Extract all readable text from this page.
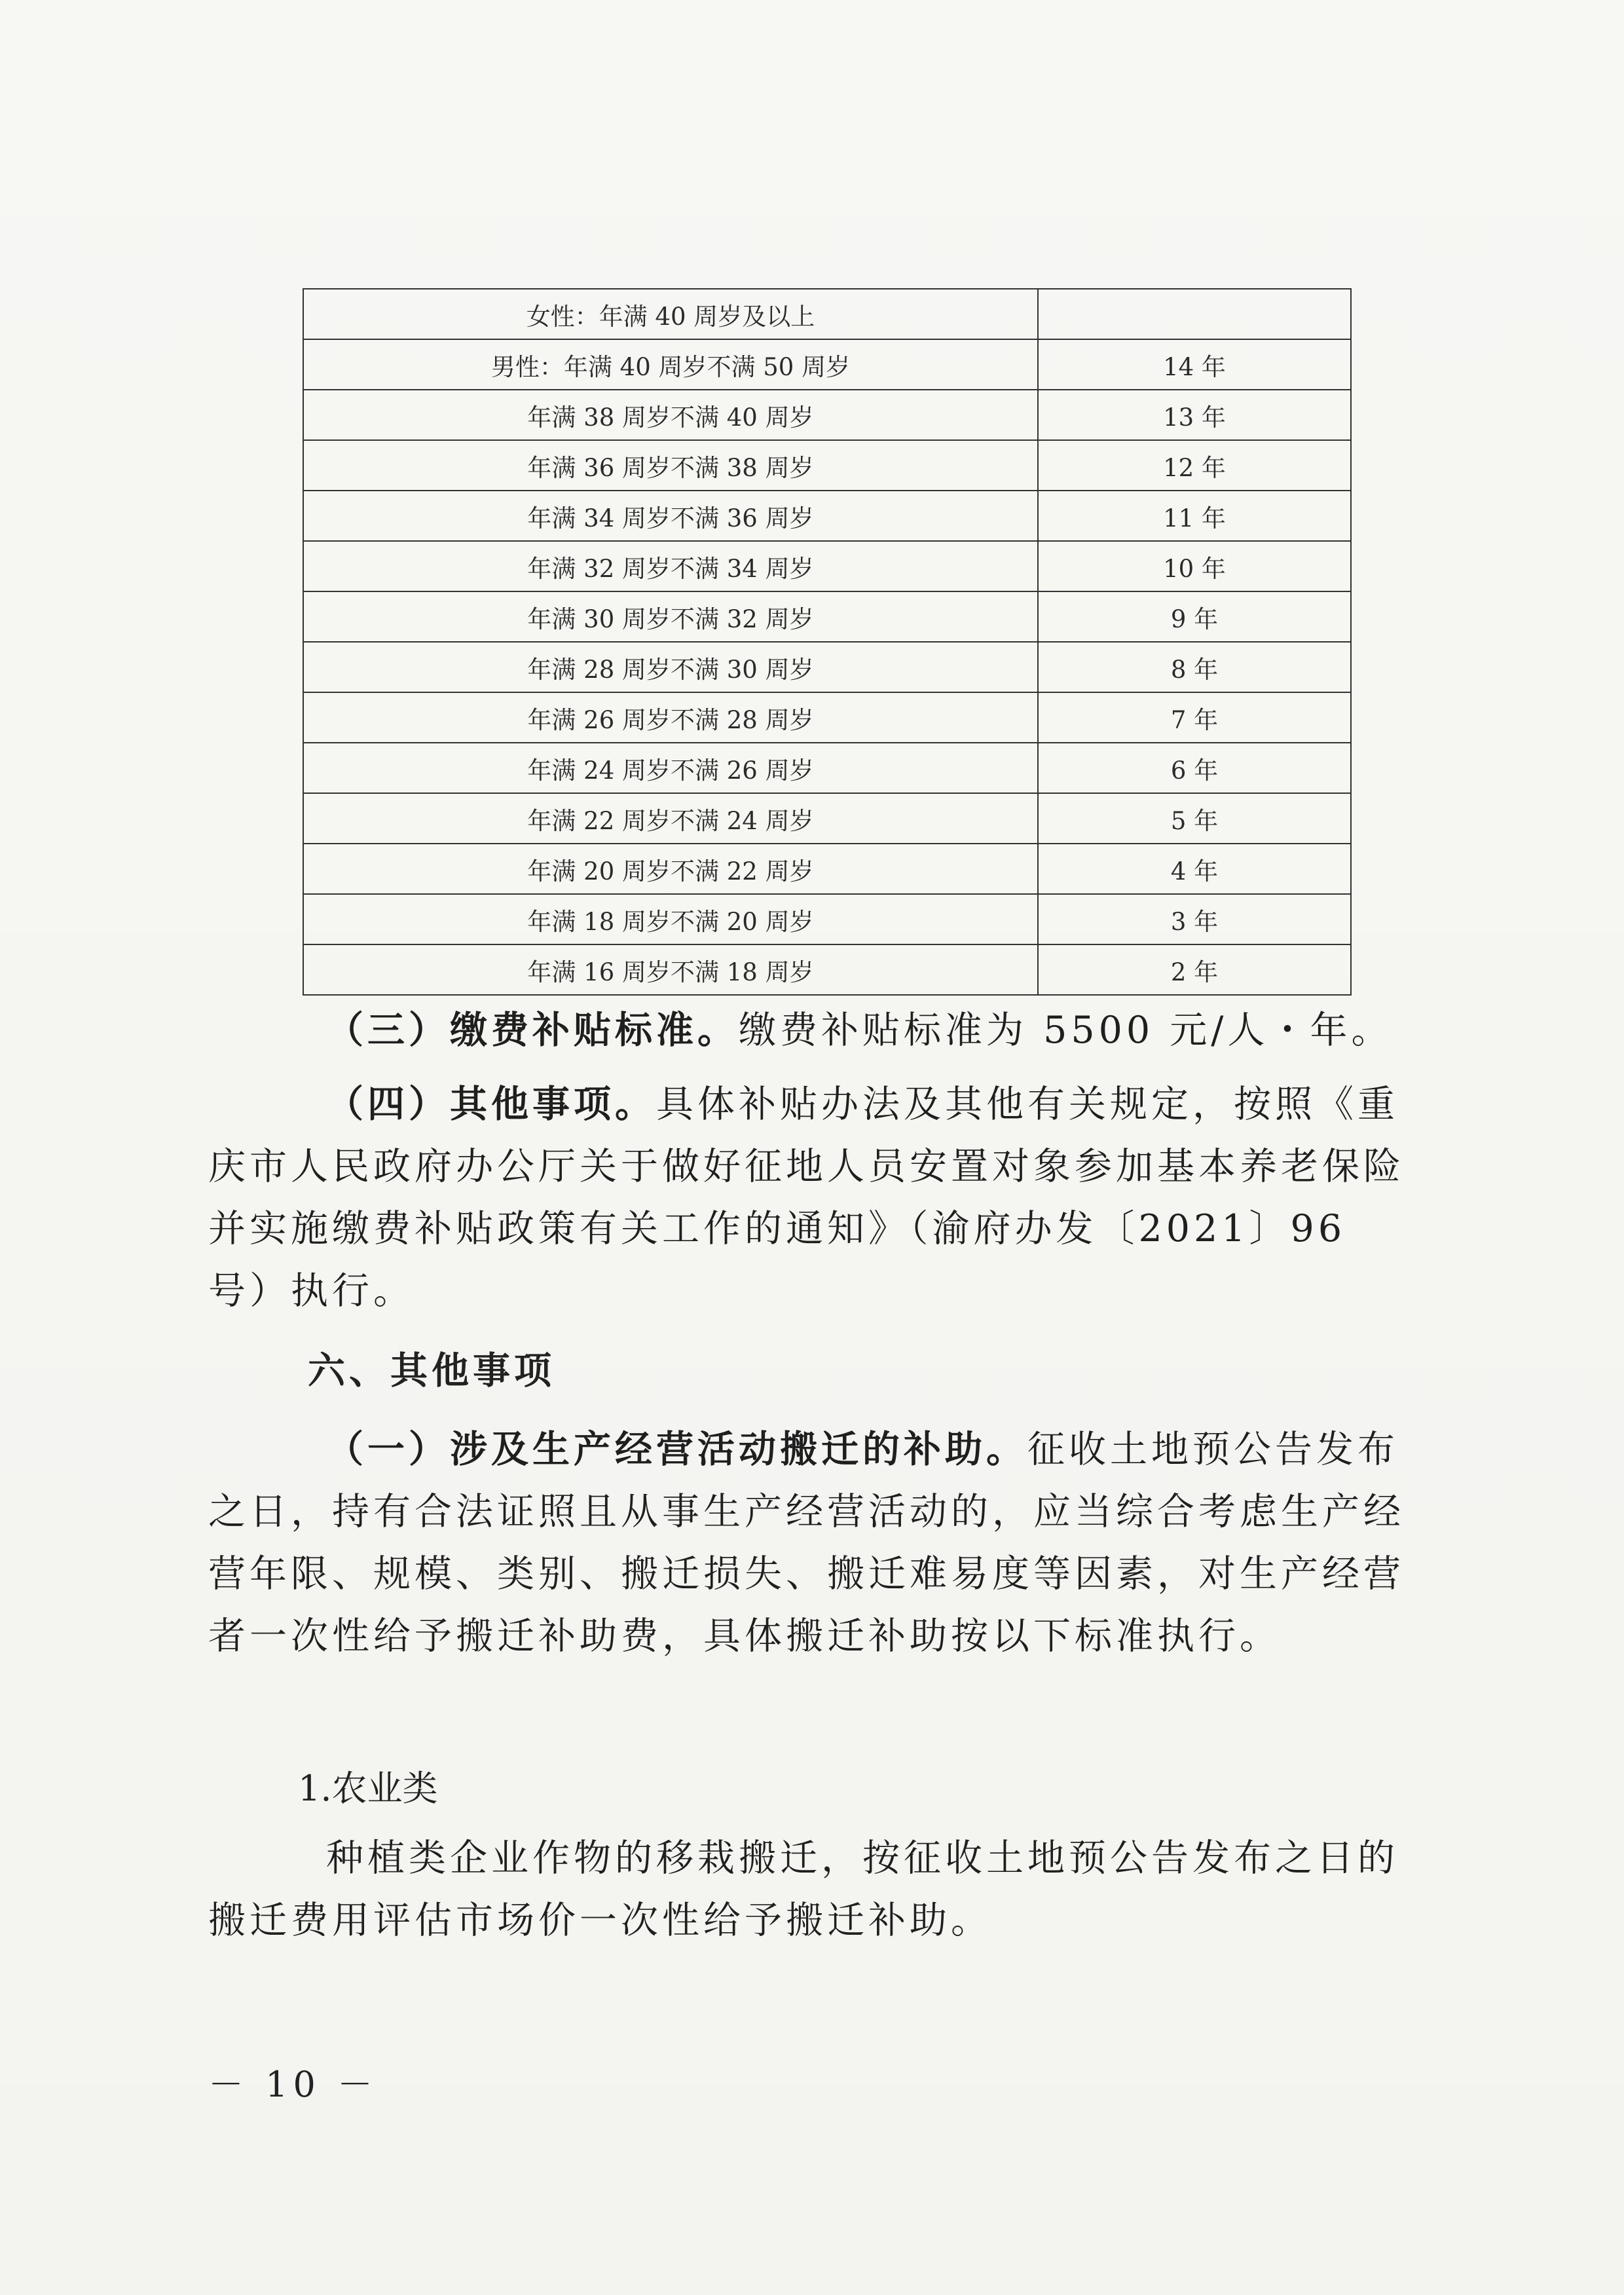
女性：年满 40 周岁及以上	
男性：年满 40 周岁不满 50 周岁	14 年
年满 38 周岁不满 40 周岁	13 年
年满 36 周岁不满 38 周岁	12 年
年满 34 周岁不满 36 周岁	11 年
年满 32 周岁不满 34 周岁	10 年
年满 30 周岁不满 32 周岁	9 年
年满 28 周岁不满 30 周岁	8 年
年满 26 周岁不满 28 周岁	7 年
年满 24 周岁不满 26 周岁	6 年
年满 22 周岁不满 24 周岁	5 年
年满 20 周岁不满 22 周岁	4 年
年满 18 周岁不满 20 周岁	3 年
年满 16 周岁不满 18 周岁	2 年

（三）缴费补贴标准。缴费补贴标准为 5500 元/人・年。

（四）其他事项。具体补贴办法及其他有关规定，按照《重庆市人民政府办公厅关于做好征地人员安置对象参加基本养老保险并实施缴费补贴政策有关工作的通知》（渝府办发〔2021〕96 号）执行。

六、其他事项

（一）涉及生产经营活动搬迁的补助。征收土地预公告发布之日，持有合法证照且从事生产经营活动的，应当综合考虑生产经营年限、规模、类别、搬迁损失、搬迁难易度等因素，对生产经营者一次性给予搬迁补助费，具体搬迁补助按以下标准执行。

1.农业类

种植类企业作物的移栽搬迁，按征收土地预公告发布之日的搬迁费用评估市场价一次性给予搬迁补助。

－ 10 －
